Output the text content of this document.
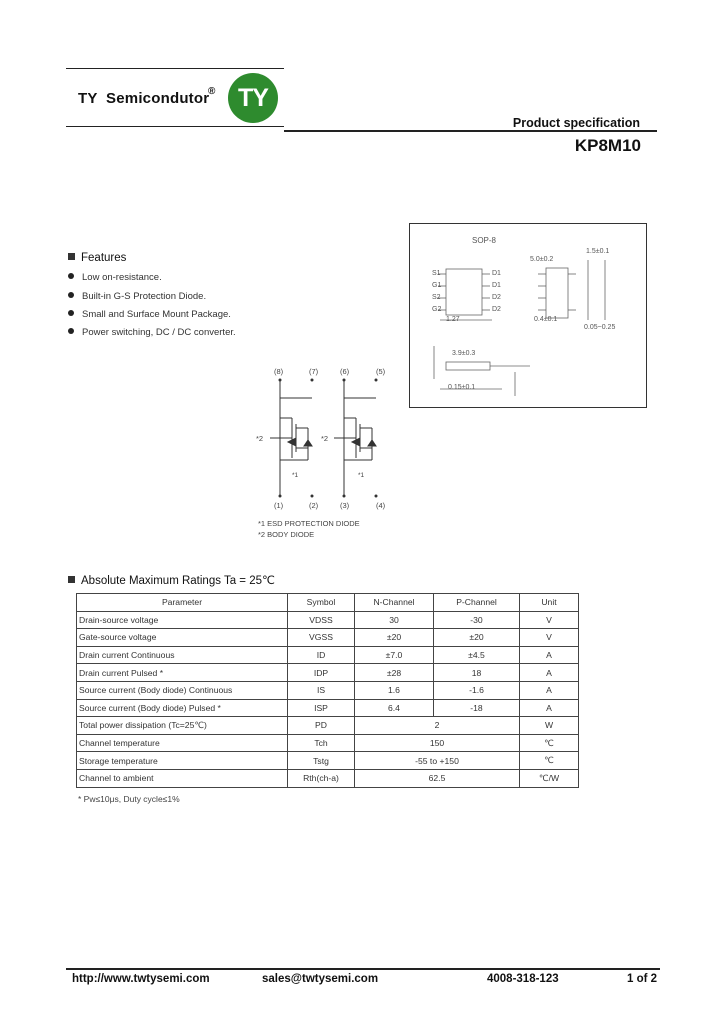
TY  Semicondutor
® TY
Product specification
KP8M10
Features
Low on-resistance.
Built-in G-S Protection Diode.
Small and Surface Mount Package.
Power switching, DC / DC converter.
SOP-8
S1
G1
S2
G2
D1
D1
D2
D2
1.27
5.0±0.2
1.5±0.1
0.4±0.1
0.05~0.25
3.9±0.3
0.15±0.1
(8)	(7)	(6)	(5)
(1)	(2)	(3)	(4)
*2	*2
*1	*1
*1 ESD PROTECTION DIODE
*2 BODY DIODE
Absolute Maximum Ratings Ta = 25℃
Parameter	Symbol	N-Channel	P-Channel	Unit
Drain-source voltage	VDSS	30	-30	V
Gate-source voltage	VGSS	±20	±20	V
Drain current Continuous	ID	±7.0	±4.5	A
Drain current Pulsed *	IDP	±28	18	A
Source current (Body diode) Continuous	IS	1.6	-1.6	A
Source current (Body diode) Pulsed *	ISP	6.4	-18	A
Total power dissipation (Tc=25℃)	PD	2		W
Channel temperature	Tch	150		℃
Storage temperature	Tstg	-55 to +150		℃
Channel to ambient	Rth(ch-a)	62.5		℃/W
* Pw≤10μs, Duty cycle≤1%
http://www.twtysemi.com	sales@twtysemi.com	4008-318-123	1 of 2
